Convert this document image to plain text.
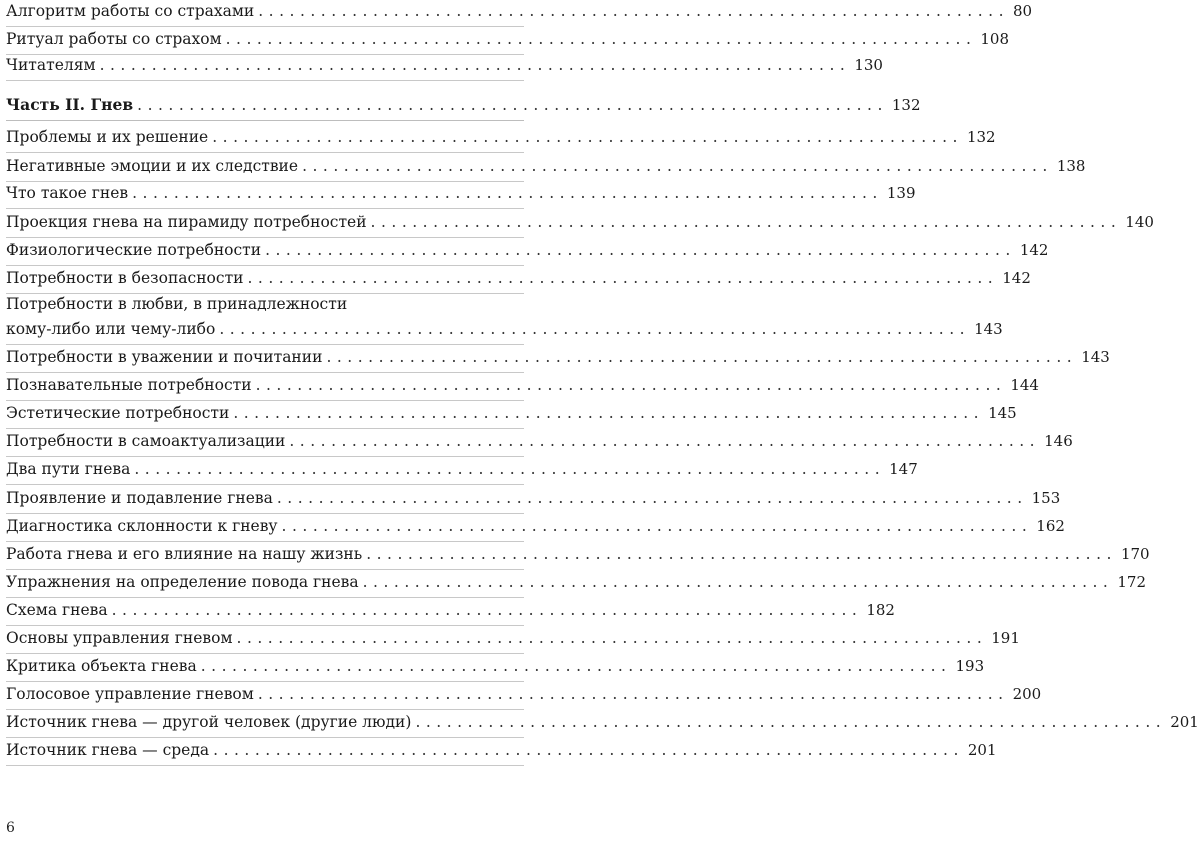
Алгоритм работы со страхами ........................................................................ 80
Ритуал работы со страхом ........................................................................ 108
Читателям ........................................................................ 130
Часть II. Гнев ........................................................................ 132
Проблемы и их решение ........................................................................ 132
Негативные эмоции и их следствие ........................................................................ 138
Что такое гнев ........................................................................ 139
Проекция гнева на пирамиду потребностей ........................................................................ 140
Физиологические потребности ........................................................................ 142
Потребности в безопасности ........................................................................ 142
Потребности в любви, в принадлежности
кому-либо или чему-либо ........................................................................ 143
Потребности в уважении и почитании ........................................................................ 143
Познавательные потребности ........................................................................ 144
Эстетические потребности ........................................................................ 145
Потребности в самоактуализации ........................................................................ 146
Два пути гнева ........................................................................ 147
Проявление и подавление гнева ........................................................................ 153
Диагностика склонности к гневу ........................................................................ 162
Работа гнева и его влияние на нашу жизнь ........................................................................ 170
Упражнения на определение повода гнева ........................................................................ 172
Схема гнева ........................................................................ 182
Основы управления гневом ........................................................................ 191
Критика объекта гнева ........................................................................ 193
Голосовое управление гневом ........................................................................ 200
Источник гнева — другой человек (другие люди) ........................................................................ 201
Источник гнева — среда ........................................................................ 201
6
